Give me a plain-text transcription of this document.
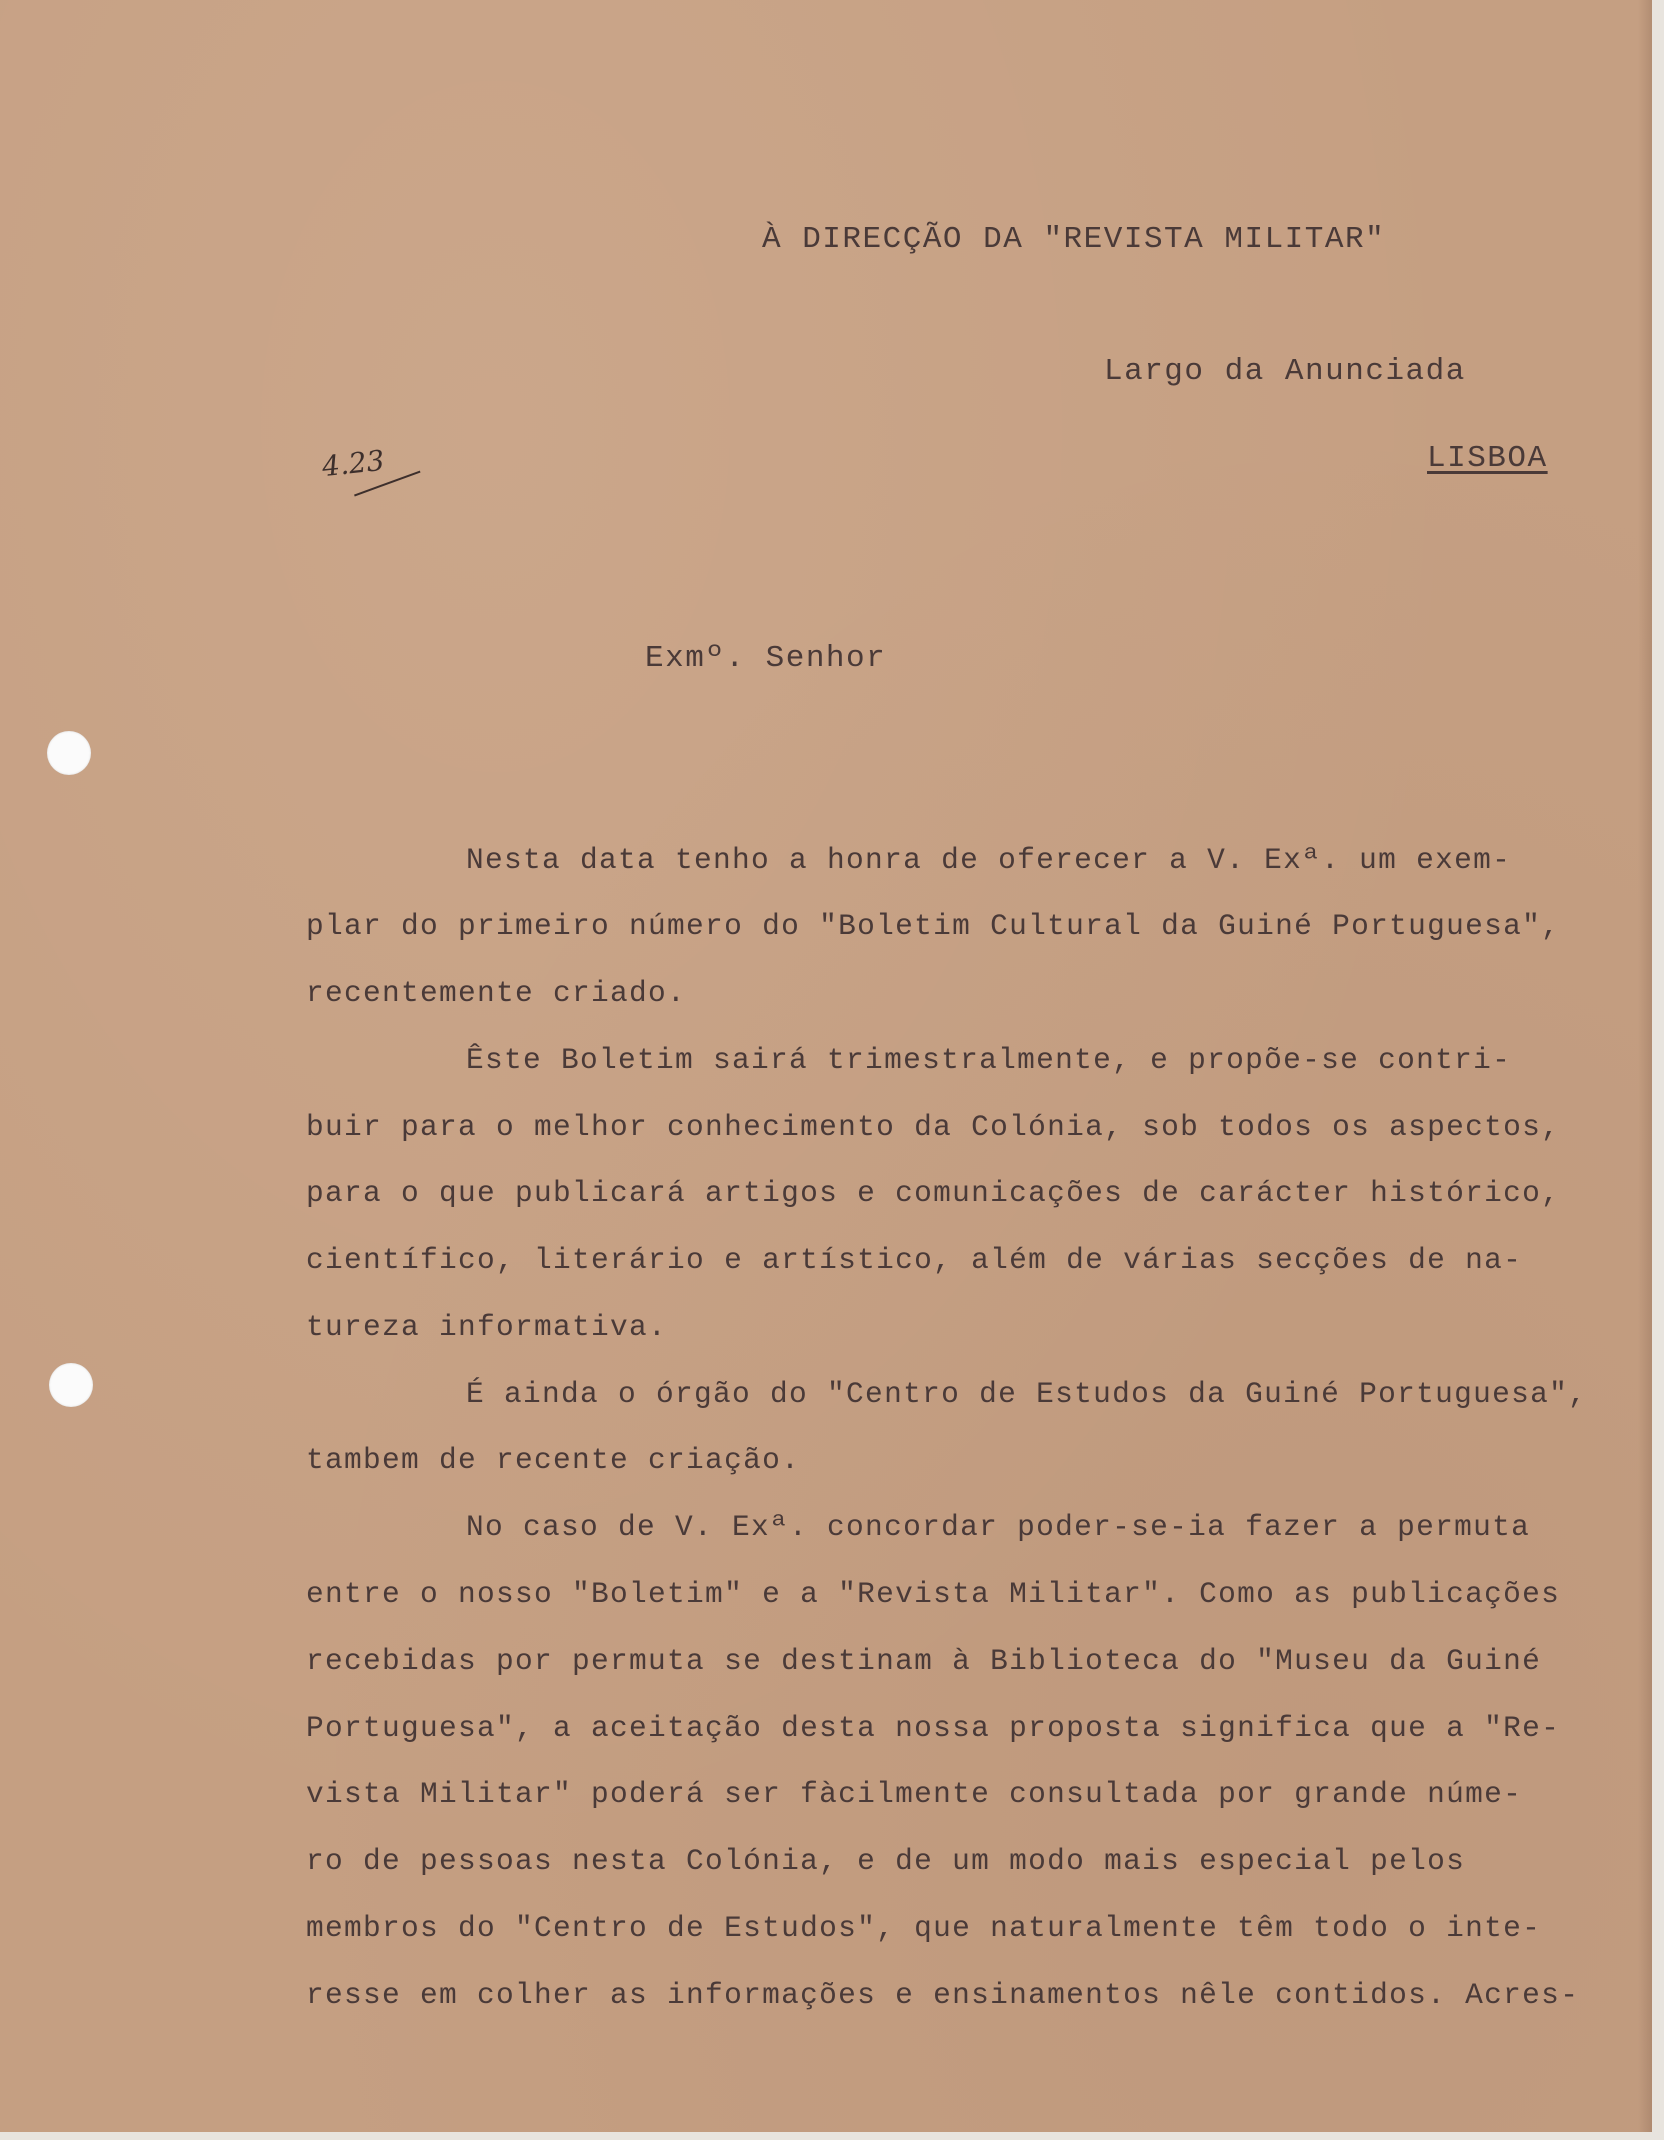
À DIRECÇÃO DA "REVISTA MILITAR"

Largo da Anunciada

LISBOA

4.23

Exmº. Senhor

Nesta data tenho a honra de oferecer a V. Exª. um exem-

plar do primeiro número do "Boletim Cultural da Guiné Portuguesa",

recentemente criado.

Êste Boletim sairá trimestralmente, e propõe-se contri-

buir para o melhor conhecimento da Colónia, sob todos os aspectos,

para o que publicará artigos e comunicações de carácter histórico,

científico, literário e artístico, além de várias secções de na-

tureza informativa.

É ainda o órgão do "Centro de Estudos da Guiné Portuguesa",

tambem de recente criação.

No caso de V. Exª. concordar poder-se-ia fazer a permuta

entre o nosso "Boletim" e a "Revista Militar". Como as publicações

recebidas por permuta se destinam à Biblioteca do "Museu da Guiné

Portuguesa", a aceitação desta nossa proposta significa que a "Re-

vista Militar" poderá ser fàcilmente consultada por grande núme-

ro de pessoas nesta Colónia, e de um modo mais especial pelos

membros do "Centro de Estudos", que naturalmente têm todo o inte-

resse em colher as informações e ensinamentos nêle contidos. Acres-
